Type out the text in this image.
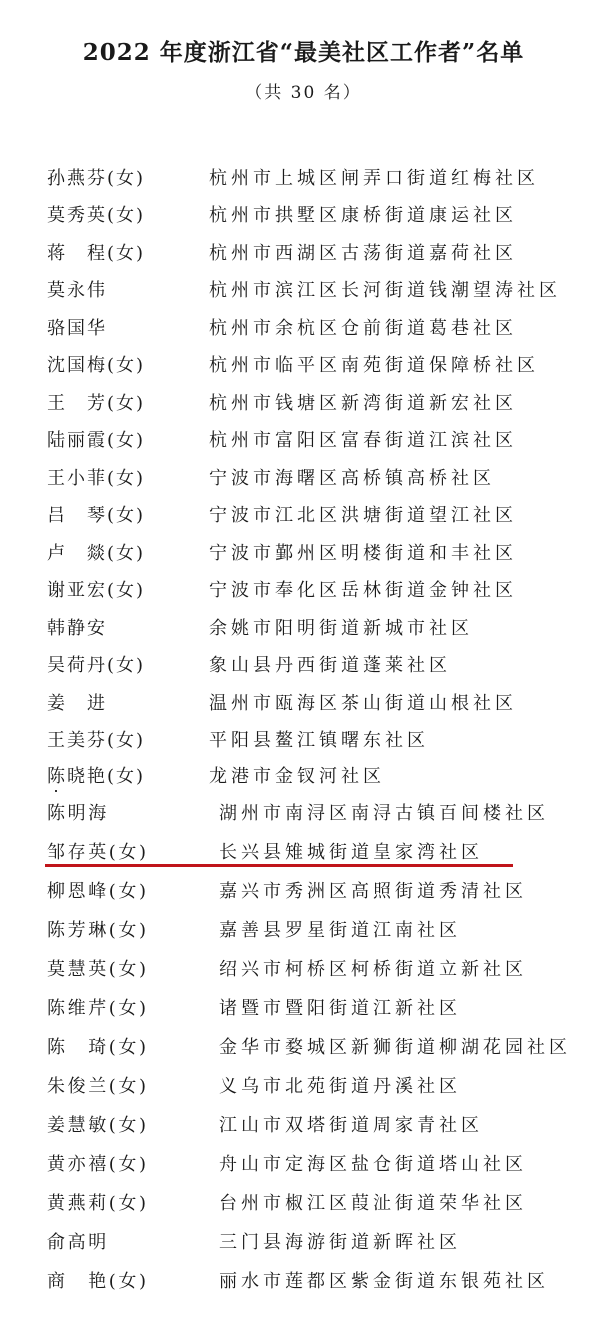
2022 年度浙江省“最美社区工作者”名单
（共 30 名）
孙燕芬(女)	杭州市上城区闸弄口街道红梅社区
莫秀英(女)	杭州市拱墅区康桥街道康运社区
蒋　程(女)	杭州市西湖区古荡街道嘉荷社区
莫永伟	杭州市滨江区长河街道钱潮望涛社区
骆国华	杭州市余杭区仓前街道葛巷社区
沈国梅(女)	杭州市临平区南苑街道保障桥社区
王　芳(女)	杭州市钱塘区新湾街道新宏社区
陆丽霞(女)	杭州市富阳区富春街道江滨社区
王小菲(女)	宁波市海曙区高桥镇高桥社区
吕　琴(女)	宁波市江北区洪塘街道望江社区
卢　燚(女)	宁波市鄞州区明楼街道和丰社区
谢亚宏(女)	宁波市奉化区岳林街道金钟社区
韩静安	余姚市阳明街道新城市社区
吴荷丹(女)	象山县丹西街道蓬莱社区
姜　进	温州市瓯海区茶山街道山根社区
王美芬(女)	平阳县鳌江镇曙东社区
陈晓艳(女)	龙港市金钗河社区
陈明海	湖州市南浔区南浔古镇百间楼社区
邹存英(女)	长兴县雉城街道皇家湾社区
柳恩峰(女)	嘉兴市秀洲区高照街道秀清社区
陈芳琳(女)	嘉善县罗星街道江南社区
莫慧英(女)	绍兴市柯桥区柯桥街道立新社区
陈维芹(女)	诸暨市暨阳街道江新社区
陈　琦(女)	金华市婺城区新狮街道柳湖花园社区
朱俊兰(女)	义乌市北苑街道丹溪社区
姜慧敏(女)	江山市双塔街道周家青社区
黄亦禧(女)	舟山市定海区盐仓街道塔山社区
黄燕莉(女)	台州市椒江区葭沚街道荣华社区
俞高明	三门县海游街道新晖社区
商　艳(女)	丽水市莲都区紫金街道东银苑社区
